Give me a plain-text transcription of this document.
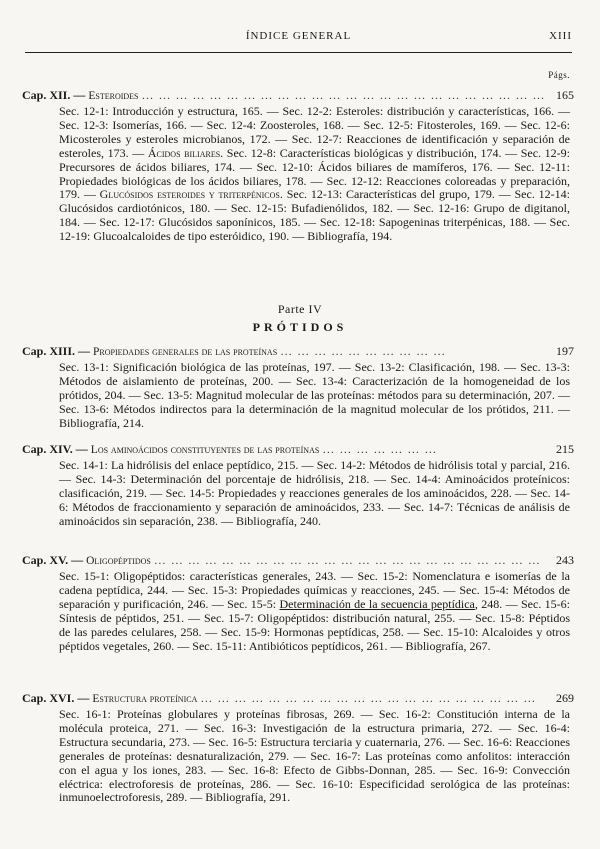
ÍNDICE GENERAL	XIII
Págs.
Cap. XII. — Esteroides … … … … … … … … … … … … … … … … … … … … … … … … 165
Sec. 12-1: Introducción y estructura, 165. — Sec. 12-2: Esteroles: distribución y características, 166. — Sec. 12-3: Isomerías, 166. — Sec. 12-4: Zoosteroles, 168. — Sec. 12-5: Fitosteroles, 169. — Sec. 12-6: Micosteroles y esteroles microbianos, 172. — Sec. 12-7: Reacciones de identificación y separación de esteroles, 173. — Ácidos biliares. Sec. 12-8: Características biológicas y distribución, 174. — Sec. 12-9: Precursores de ácidos biliares, 174. — Sec. 12-10: Ácidos biliares de mamíferos, 176. — Sec. 12-11: Propiedades biológicas de los ácidos biliares, 178. — Sec. 12-12: Reacciones coloreadas y preparación, 179. — Glucósidos esteroides y triterpénicos. Sec. 12-13: Características del grupo, 179. — Sec. 12-14: Glucósidos cardiotónicos, 180. — Sec. 12-15: Bufadienólidos, 182. — Sec. 12-16: Grupo de digitanol, 184. — Sec. 12-17: Glucósidos saponínicos, 185. — Sec. 12-18: Sapogeninas triterpénicas, 188. — Sec. 12-19: Glucoalcaloides de tipo esteróidico, 190. — Bibliografía, 194.
Parte IV
PRÓTIDOS
Cap. XIII. — Propiedades generales de las proteínas … … … … … … … … … …	197
Sec. 13-1: Significación biológica de las proteínas, 197. — Sec. 13-2: Clasificación, 198. — Sec. 13-3: Métodos de aislamiento de proteínas, 200. — Sec. 13-4: Caracterización de la homogeneidad de los prótidos, 204. — Sec. 13-5: Magnitud molecular de las proteínas: métodos para su determinación, 207. — Sec. 13-6: Métodos indirectos para la determinación de la magnitud molecular de los prótidos, 211. — Bibliografía, 214.
Cap. XIV. — Los aminoácidos constituyentes de las proteínas … … … … … … …	215
Sec. 14-1: La hidrólisis del enlace peptídico, 215. — Sec. 14-2: Métodos de hidrólisis total y parcial, 216. — Sec. 14-3: Determinación del porcentaje de hidrólisis, 218. — Sec. 14-4: Aminoácidos proteínicos: clasificación, 219. — Sec. 14-5: Propiedades y reacciones generales de los aminoácidos, 228. — Sec. 14-6: Métodos de fraccionamiento y separación de aminoácidos, 233. — Sec. 14-7: Técnicas de análisis de aminoácidos sin separación, 238. — Bibliografía, 240.
Cap. XV. — Oligopéptidos … … … … … … … … … … … … … … … … … … … … … … …	243
Sec. 15-1: Oligopéptidos: características generales, 243. — Sec. 15-2: Nomenclatura e isomerías de la cadena peptídica, 244. — Sec. 15-3: Propiedades químicas y reacciones, 245. — Sec. 15-4: Métodos de separación y purificación, 246. — Sec. 15-5: Determinación de la secuencia peptídica, 248. — Sec. 15-6: Síntesis de péptidos, 251. — Sec. 15-7: Oligopéptidos: distribución natural, 255. — Sec. 15-8: Péptidos de las paredes celulares, 258. — Sec. 15-9: Hormonas peptídicas, 258. — Sec. 15-10: Alcaloides y otros péptidos vegetales, 260. — Sec. 15-11: Antibióticos peptídicos, 261. — Bibliografía, 267.
Cap. XVI. — Estructura proteínica … … … … … … … … … … … … … … … … … … … …	269
Sec. 16-1: Proteínas globulares y proteínas fibrosas, 269. — Sec. 16-2: Constitución interna de la molécula proteica, 271. — Sec. 16-3: Investigación de la estructura primaria, 272. — Sec. 16-4: Estructura secundaria, 273. — Sec. 16-5: Estructura terciaria y cuaternaria, 276. — Sec. 16-6: Reacciones generales de proteínas: desnaturalización, 279. — Sec. 16-7: Las proteínas como anfolitos: interacción con el agua y los iones, 283. — Sec. 16-8: Efecto de Gibbs-Donnan, 285. — Sec. 16-9: Convección eléctrica: electroforesis de proteínas, 286. — Sec. 16-10: Especificidad serológica de las proteínas: inmunoelectroforesis, 289. — Bibliografía, 291.
